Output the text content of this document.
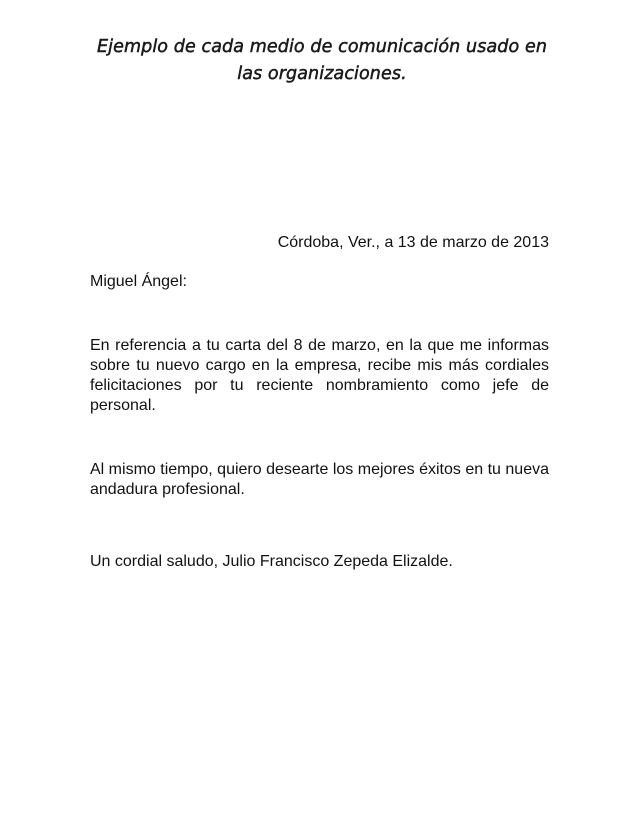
Ejemplo de cada medio de comunicación usado en
las organizaciones.
Córdoba, Ver., a 13 de marzo de 2013
Miguel Ángel:
En referencia a tu carta del 8 de marzo, en la que me informas sobre tu nuevo cargo en la empresa, recibe mis más cordiales felicitaciones por tu reciente nombramiento como jefe de personal.
Al mismo tiempo, quiero desearte los mejores éxitos en tu nueva andadura profesional.
Un cordial saludo, Julio Francisco Zepeda Elizalde.
